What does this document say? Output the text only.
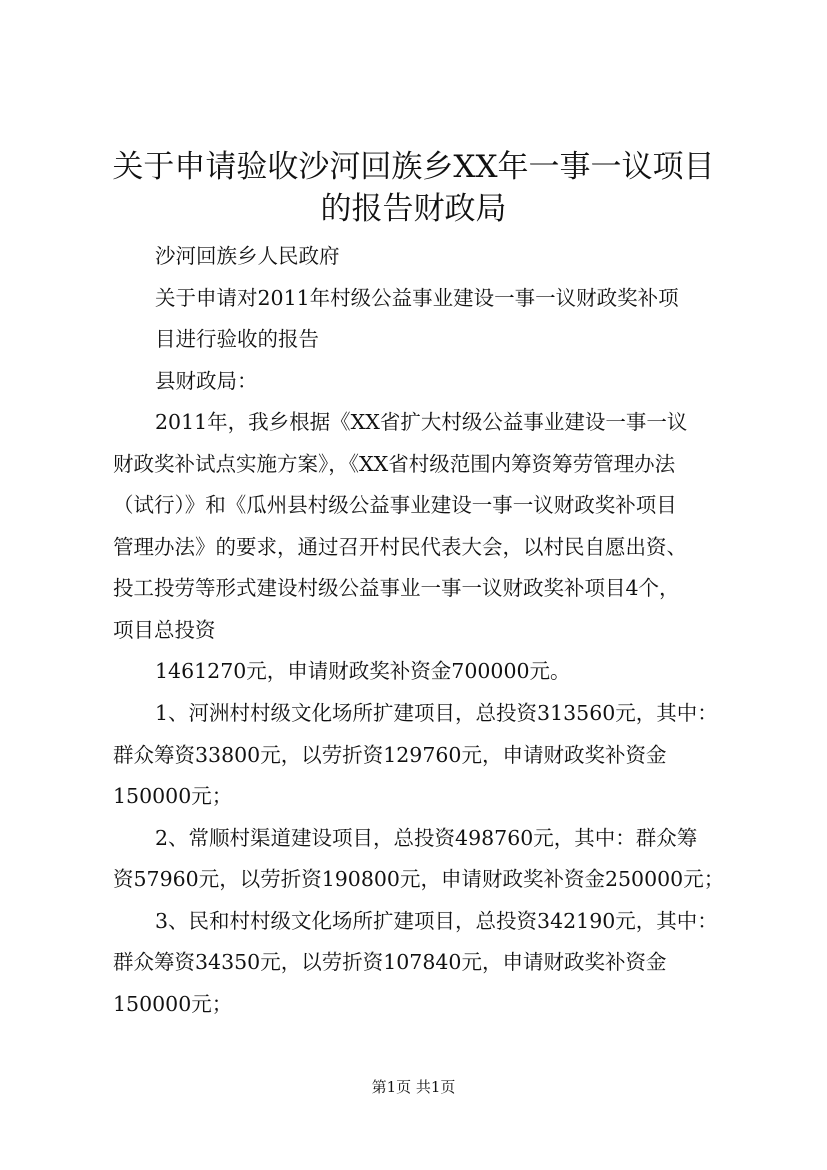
关于申请验收沙河回族乡XX年一事一议项目
的报告财政局

沙河回族乡人民政府

关于申请对2011年村级公益事业建设一事一议财政奖补项

目进行验收的报告

县财政局：

2011年，我乡根据《XX省扩大村级公益事业建设一事一议

财政奖补试点实施方案》，《XX省村级范围内筹资筹劳管理办法

（试行）》和《瓜州县村级公益事业建设一事一议财政奖补项目

管理办法》的要求，通过召开村民代表大会，以村民自愿出资、

投工投劳等形式建设村级公益事业一事一议财政奖补项目4个，

项目总投资

1461270元，申请财政奖补资金700000元。

1、河洲村村级文化场所扩建项目，总投资313560元，其中：

群众筹资33800元，以劳折资129760元，申请财政奖补资金

150000元；

2、常顺村渠道建设项目，总投资498760元，其中：群众筹

资57960元，以劳折资190800元，申请财政奖补资金250000元；

3、民和村村级文化场所扩建项目，总投资342190元，其中：

群众筹资34350元，以劳折资107840元，申请财政奖补资金

150000元；

第1页 共1页
